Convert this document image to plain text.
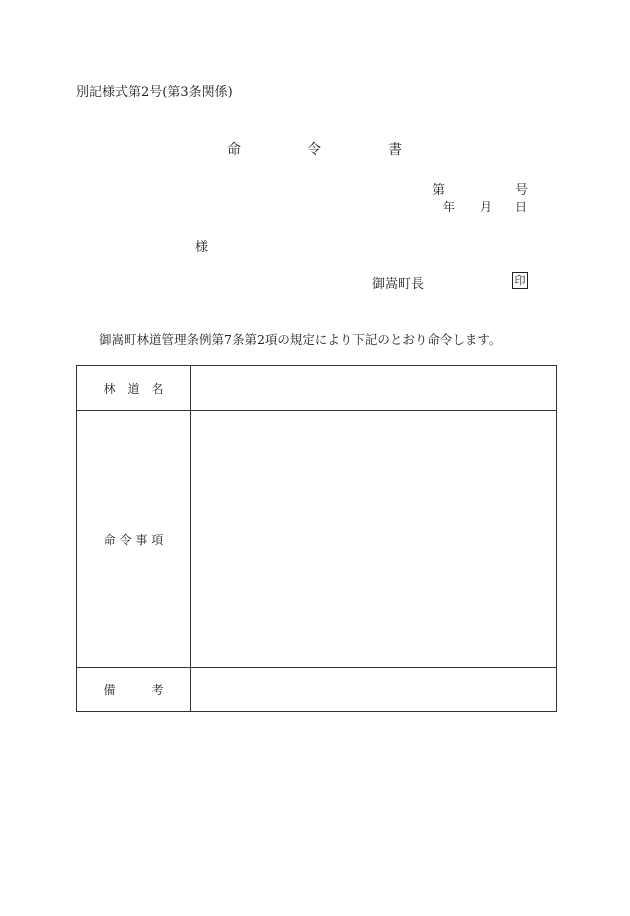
別記様式第2号(第3条関係)
命	令	書
第	号
年 月 日
様
御嵩町長	印
御嵩町林道管理条例第7条第2項の規定により下記のとおり命令します。
林　道　名	
命 令 事 項	
備　　　考	
